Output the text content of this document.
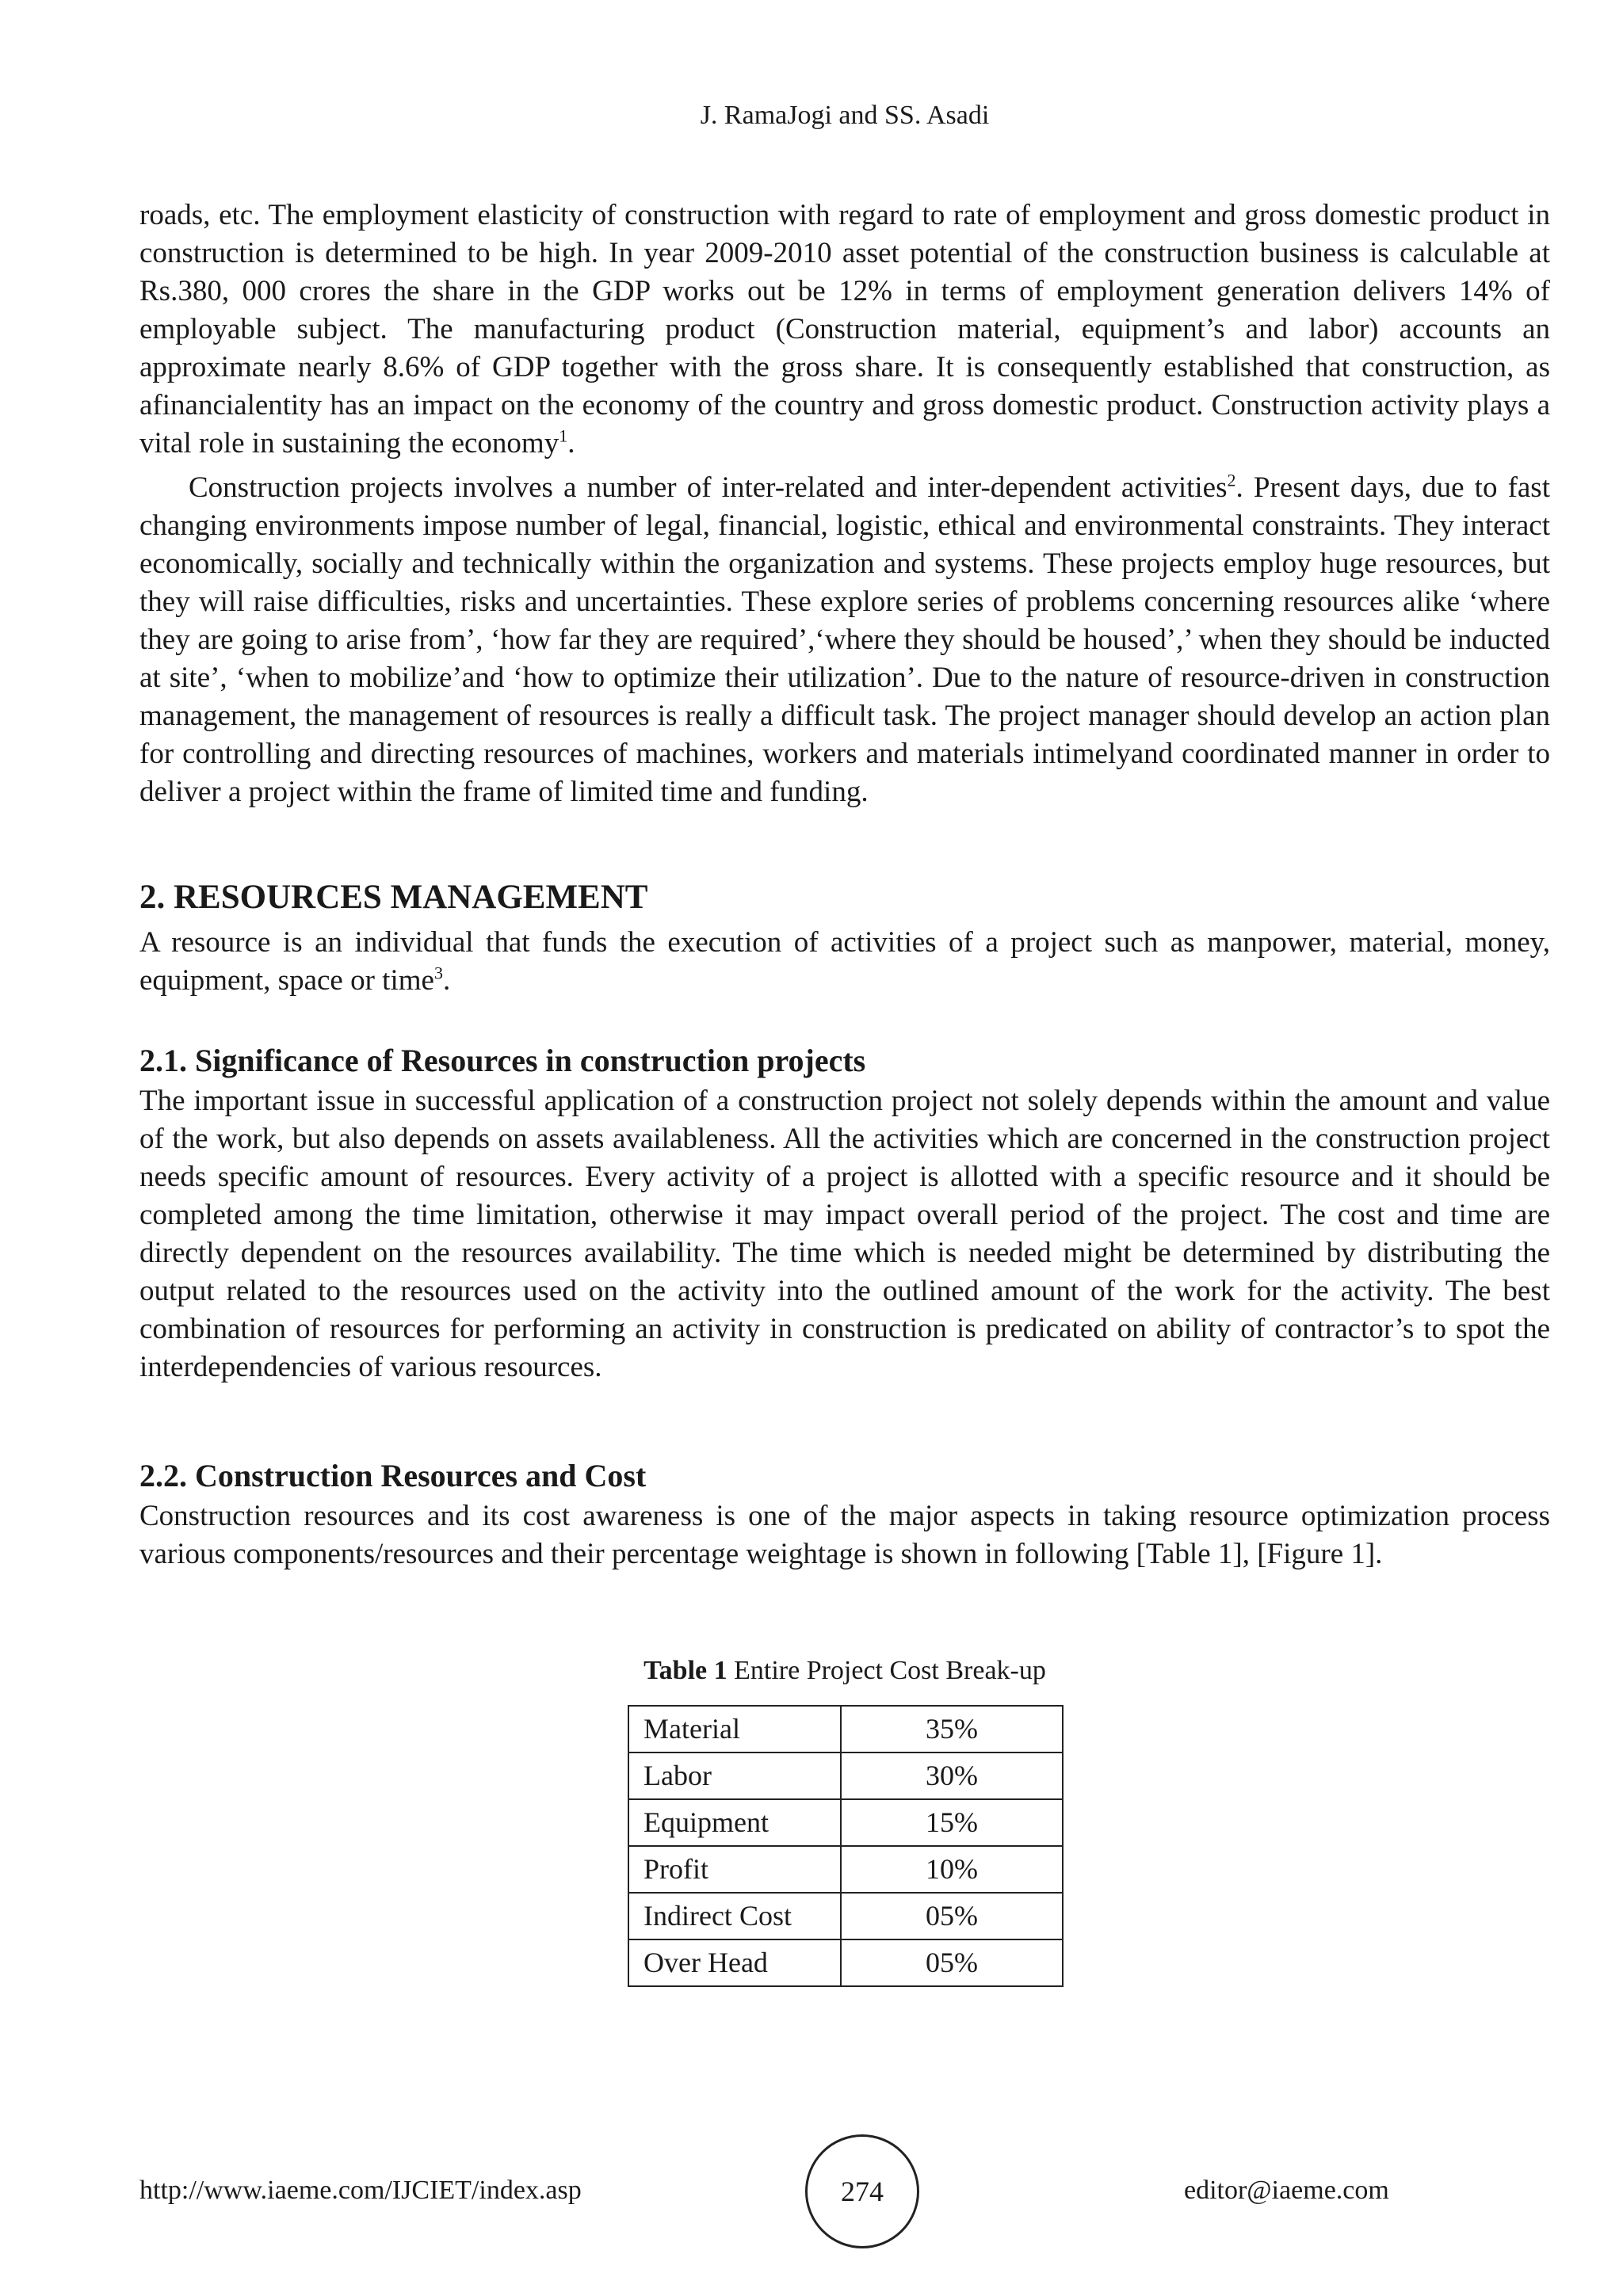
J. RamaJogi and SS. Asadi

roads, etc. The employment elasticity of construction with regard to rate of employment and gross domestic product in construction is determined to be high. In year 2009-2010 asset potential of the construction business is calculable at Rs.380, 000 crores the share in the GDP works out be 12% in terms of employment generation delivers 14% of employable subject. The manufacturing product (Construction material, equipment’s and labor) accounts an approximate nearly 8.6% of GDP together with the gross share. It is consequently established that construction, as afinancialentity has an impact on the economy of the country and gross domestic product. Construction activity plays a vital role in sustaining the economy$^1$.

Construction projects involves a number of inter-related and inter-dependent activities$^2$. Present days, due to fast changing environments impose number of legal, financial, logistic, ethical and environmental constraints. They interact economically, socially and technically within the organization and systems. These projects employ huge resources, but they will raise difficulties, risks and uncertainties. These explore series of problems concerning resources alike ‘where they are going to arise from’, ‘how far they are required’,‘where they should be housed’,’ when they should be inducted at site’, ‘when to mobilize’and ‘how to optimize their utilization’. Due to the nature of resource-driven in construction management, the management of resources is really a difficult task. The project manager should develop an action plan for controlling and directing resources of machines, workers and materials intimelyand coordinated manner in order to deliver a project within the frame of limited time and funding.

2. RESOURCES MANAGEMENT

A resource is an individual that funds the execution of activities of a project such as manpower, material, money, equipment, space or time$^3$.

2.1. Significance of Resources in construction projects

The important issue in successful application of a construction project not solely depends within the amount and value of the work, but also depends on assets availableness. All the activities which are concerned in the construction project needs specific amount of resources. Every activity of a project is allotted with a specific resource and it should be completed among the time limitation, otherwise it may impact overall period of the project. The cost and time are directly dependent on the resources availability. The time which is needed might be determined by distributing the output related to the resources used on the activity into the outlined amount of the work for the activity. The best combination of resources for performing an activity in construction is predicated on ability of contractor’s to spot the interdependencies of various resources.

2.2. Construction Resources and Cost

Construction resources and its cost awareness is one of the major aspects in taking resource optimization process various components/resources and their percentage weightage is shown in following [Table 1], [Figure 1].

Table 1 Entire Project Cost Break-up
Material	35%
Labor	30%
Equipment	15%
Profit	10%
Indirect Cost	05%
Over Head	05%
http://www.iaeme.com/IJCIET/index.asp	274	editor@iaeme.com
